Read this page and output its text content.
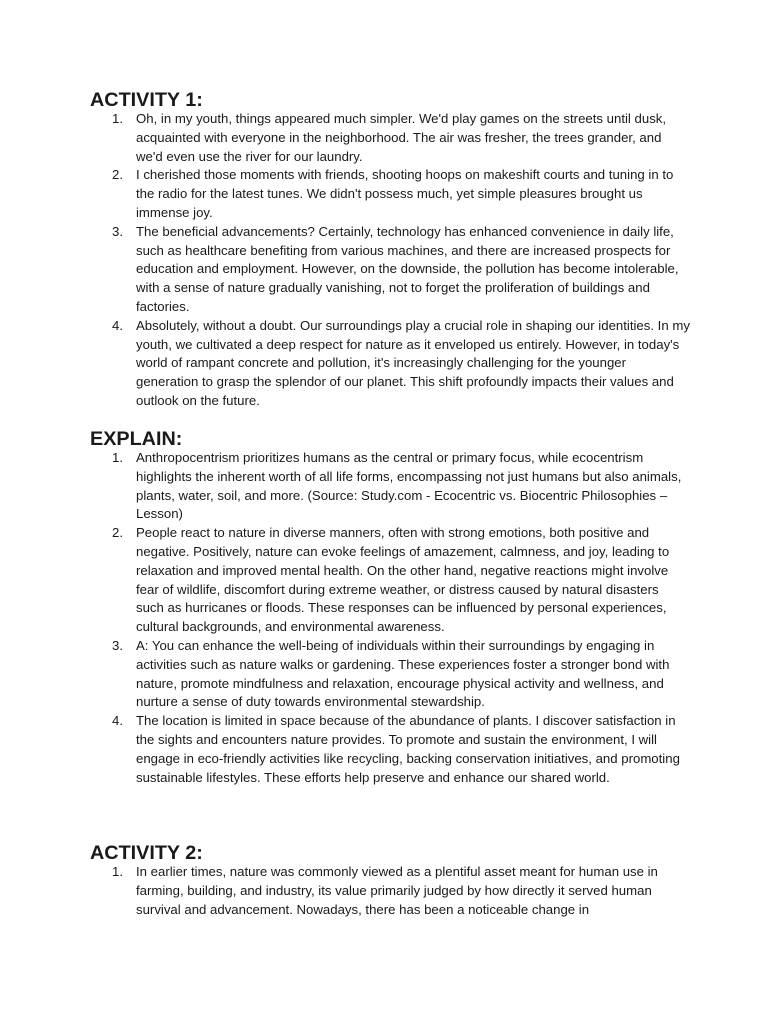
ACTIVITY 1:
1. Oh, in my youth, things appeared much simpler. We'd play games on the streets until dusk, acquainted with everyone in the neighborhood. The air was fresher, the trees grander, and we'd even use the river for our laundry.
2. I cherished those moments with friends, shooting hoops on makeshift courts and tuning in to the radio for the latest tunes. We didn't possess much, yet simple pleasures brought us immense joy.
3. The beneficial advancements? Certainly, technology has enhanced convenience in daily life, such as healthcare benefiting from various machines, and there are increased prospects for education and employment. However, on the downside, the pollution has become intolerable, with a sense of nature gradually vanishing, not to forget the proliferation of buildings and factories.
4. Absolutely, without a doubt. Our surroundings play a crucial role in shaping our identities. In my youth, we cultivated a deep respect for nature as it enveloped us entirely. However, in today's world of rampant concrete and pollution, it's increasingly challenging for the younger generation to grasp the splendor of our planet. This shift profoundly impacts their values and outlook on the future.
EXPLAIN:
1. Anthropocentrism prioritizes humans as the central or primary focus, while ecocentrism highlights the inherent worth of all life forms, encompassing not just humans but also animals, plants, water, soil, and more. (Source: Study.com - Ecocentric vs. Biocentric Philosophies – Lesson)
2. People react to nature in diverse manners, often with strong emotions, both positive and negative. Positively, nature can evoke feelings of amazement, calmness, and joy, leading to relaxation and improved mental health. On the other hand, negative reactions might involve fear of wildlife, discomfort during extreme weather, or distress caused by natural disasters such as hurricanes or floods. These responses can be influenced by personal experiences, cultural backgrounds, and environmental awareness.
3. A: You can enhance the well-being of individuals within their surroundings by engaging in activities such as nature walks or gardening. These experiences foster a stronger bond with nature, promote mindfulness and relaxation, encourage physical activity and wellness, and nurture a sense of duty towards environmental stewardship.
4. The location is limited in space because of the abundance of plants. I discover satisfaction in the sights and encounters nature provides. To promote and sustain the environment, I will engage in eco-friendly activities like recycling, backing conservation initiatives, and promoting sustainable lifestyles. These efforts help preserve and enhance our shared world.
ACTIVITY 2:
1. In earlier times, nature was commonly viewed as a plentiful asset meant for human use in farming, building, and industry, its value primarily judged by how directly it served human survival and advancement. Nowadays, there has been a noticeable change in
